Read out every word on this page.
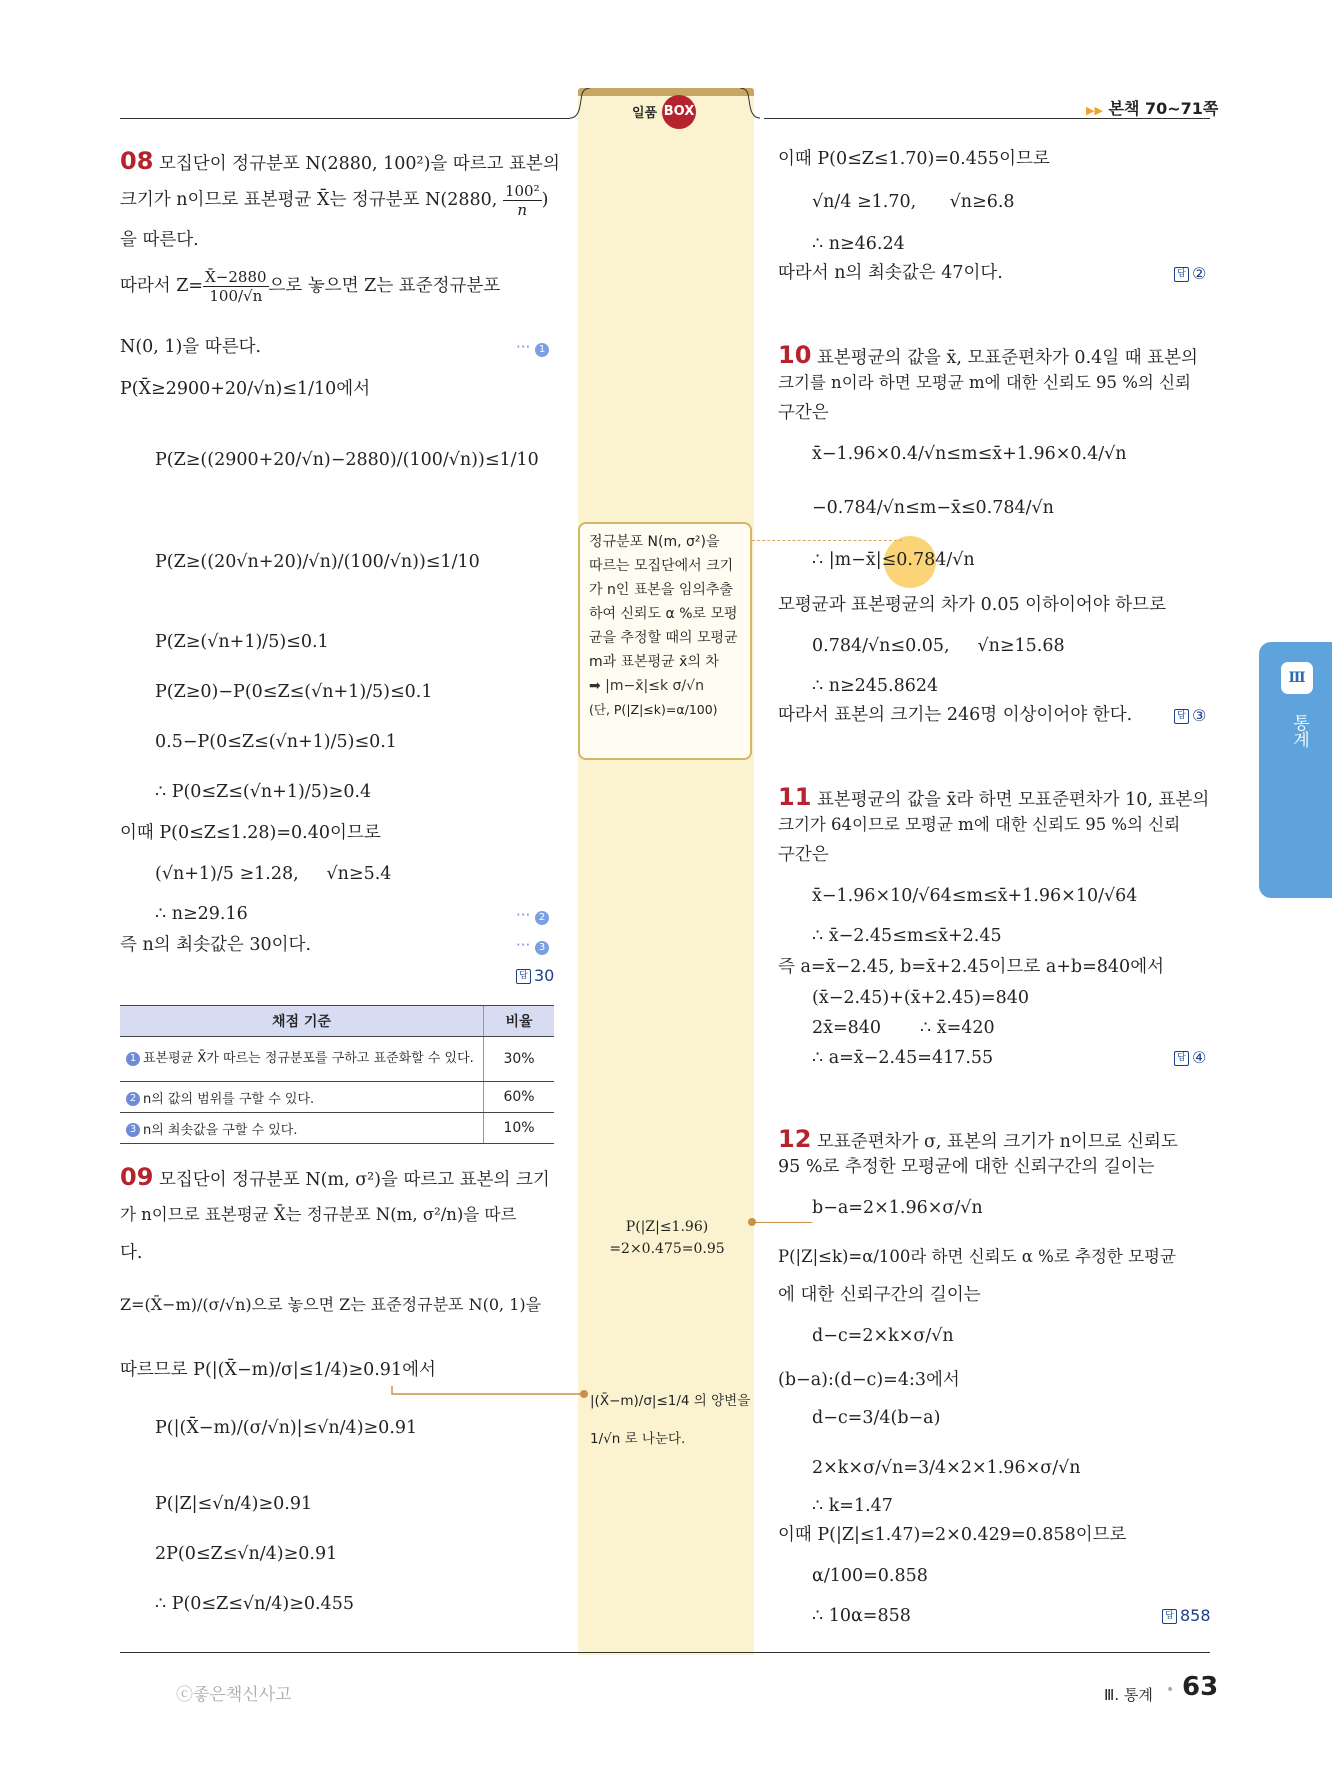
일품 BOX	▶▶ 본책 70~71쪽
08 모집단이 정규분포 N(2880, 100²)을 따르고 표본의
크기가 n이므로 표본평균 X̄는 정규분포 N(2880, $\frac{\text{100²}}{n}$ )
을 따른다.
따라서 $Z= \frac{X̄-2880}{100/√n}$ 으로 놓으면 Z는 표준정규분포
N(0, 1)을 따른다.	··· 1
P(X̄≥2900+20/√n)≤1/10에서
P(Z≥((2900+20/√n)−2880)/(100/√n))≤1/10
P(Z≥((20√n+20)/√n)/(100/√n))≤1/10
P(Z≥(√n+1)/5)≤0.1
P(Z≥0)−P(0≤Z≤(√n+1)/5)≤0.1
0.5−P(0≤Z≤(√n+1)/5)≤0.1
∴ P(0≤Z≤(√n+1)/5)≥0.4
이때 P(0≤Z≤1.28)=0.40이므로
(√n+1)/5 ≥1.28, √n≥5.4
∴ n≥29.16	··· 2
즉 n의 최솟값은 30이다.	··· 3
답 30
채점 기준	비율
1 표본평균 X̄가 따르는 정규분포를 구하고 표준화할 수 있다.	30%
2 n의 값의 범위를 구할 수 있다.	60%
3 n의 최솟값을 구할 수 있다.	10%
09 모집단이 정규분포 N(m, σ²)을 따르고 표본의 크기
가 n이므로 표본평균 X̄는 정규분포 N(m, σ²/n)을 따르
다.
Z=(X̄−m)/(σ/√n)으로 놓으면 Z는 표준정규분포 N(0, 1)을
따르므로 P(|(X̄−m)/σ|≤1/4)≥0.91에서
P(|(X̄−m)/(σ/√n)|≤√n/4)≥0.91
P(|Z|≤√n/4)≥0.91
2P(0≤Z≤√n/4)≥0.91
∴ P(0≤Z≤√n/4)≥0.455
이때 P(0≤Z≤1.70)=0.455이므로
√n/4 ≥1.70, √n≥6.8
∴ n≥46.24
따라서 n의 최솟값은 47이다.	답 ②
10 표본평균의 값을 x̄, 모표준편차가 0.4일 때 표본의
크기를 n이라 하면 모평균 m에 대한 신뢰도 95 %의 신뢰
구간은
x̄−1.96×0.4/√n≤m≤x̄+1.96×0.4/√n
−0.784/√n≤m−x̄≤0.784/√n
∴ |m−x̄|≤0.784/√n
모평균과 표본평균의 차가 0.05 이하이어야 하므로
0.784/√n≤0.05, √n≥15.68
∴ n≥245.8624
따라서 표본의 크기는 246명 이상이어야 한다.	답 ③
11 표본평균의 값을 x̄라 하면 모표준편차가 10, 표본의
크기가 64이므로 모평균 m에 대한 신뢰도 95 %의 신뢰
구간은
x̄−1.96×10/√64≤m≤x̄+1.96×10/√64
∴ x̄−2.45≤m≤x̄+2.45
즉 a=x̄−2.45, b=x̄+2.45이므로 a+b=840에서
(x̄−2.45)+(x̄+2.45)=840
2x̄=840 ∴ x̄=420
∴ a=x̄−2.45=417.55	답 ④
12 모표준편차가 σ, 표본의 크기가 n이므로 신뢰도
95 %로 추정한 모평균에 대한 신뢰구간의 길이는
b−a=2×1.96×σ/√n
P(|Z|≤k)=α/100라 하면 신뢰도 α %로 추정한 모평균
에 대한 신뢰구간의 길이는
d−c=2×k×σ/√n
(b−a):(d−c)=4:3에서
d−c=3/4(b−a)
2×k×σ/√n=3/4×2×1.96×σ/√n
∴ k=1.47
이때 P(|Z|≤1.47)=2×0.429=0.858이므로
α/100=0.858
∴ 10α=858	답 858
정규분포 N(m, σ²)을
따르는 모집단에서 크기
가 n인 표본을 임의추출
하여 신뢰도 α %로 모평
균을 추정할 때의 모평균
m과 표본평균 x̄의 차
➡ |m−x̄|≤k σ/√n
(단, P(|Z|≤k)=α/100)
P(|Z|≤1.96)
=2×0.475=0.95
|(X̄−m)/σ|≤1/4 의 양변을
1/√n 로 나눈다.
Ⅲ
통계
ⓒ좋은책신사고	Ⅲ. 통계 • 63
